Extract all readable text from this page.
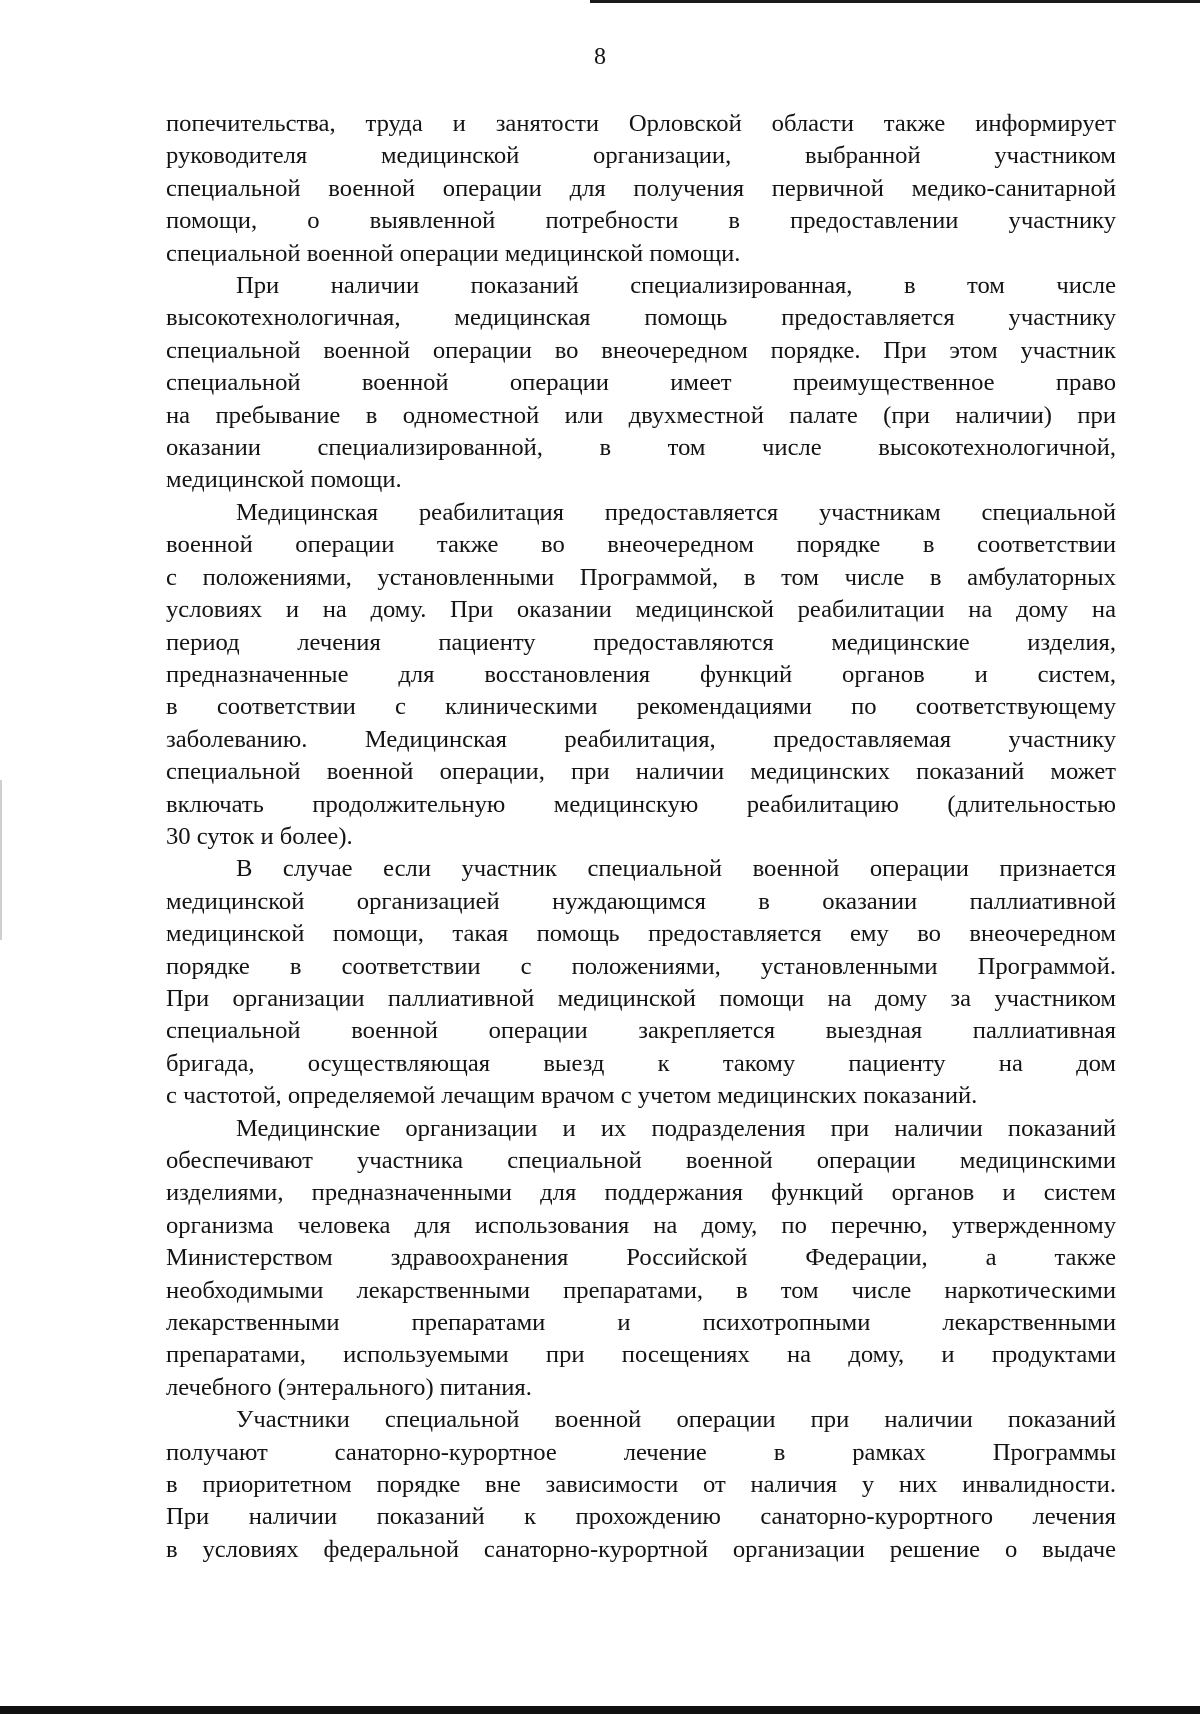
8

попечительства, труда и занятости Орловской области также информирует
руководителя медицинской организации, выбранной участником
специальной военной операции для получения первичной медико-санитарной
помощи, о выявленной потребности в предоставлении участнику
специальной военной операции медицинской помощи.

При наличии показаний специализированная, в том числе
высокотехнологичная, медицинская помощь предоставляется участнику
специальной военной операции во внеочередном порядке. При этом участник
специальной военной операции имеет преимущественное право
на пребывание в одноместной или двухместной палате (при наличии) при
оказании специализированной, в том числе высокотехнологичной,
медицинской помощи.

Медицинская реабилитация предоставляется участникам специальной
военной операции также во внеочередном порядке в соответствии
с положениями, установленными Программой, в том числе в амбулаторных
условиях и на дому. При оказании медицинской реабилитации на дому на
период лечения пациенту предоставляются медицинские изделия,
предназначенные для восстановления функций органов и систем,
в соответствии с клиническими рекомендациями по соответствующему
заболеванию. Медицинская реабилитация, предоставляемая участнику
специальной военной операции, при наличии медицинских показаний может
включать продолжительную медицинскую реабилитацию (длительностью
30 суток и более).

В случае если участник специальной военной операции признается
медицинской организацией нуждающимся в оказании паллиативной
медицинской помощи, такая помощь предоставляется ему во внеочередном
порядке в соответствии с положениями, установленными Программой.
При организации паллиативной медицинской помощи на дому за участником
специальной военной операции закрепляется выездная паллиативная
бригада, осуществляющая выезд к такому пациенту на дом
с частотой, определяемой лечащим врачом с учетом медицинских показаний.

Медицинские организации и их подразделения при наличии показаний
обеспечивают участника специальной военной операции медицинскими
изделиями, предназначенными для поддержания функций органов и систем
организма человека для использования на дому, по перечню, утвержденному
Министерством здравоохранения Российской Федерации, а также
необходимыми лекарственными препаратами, в том числе наркотическими
лекарственными препаратами и психотропными лекарственными
препаратами, используемыми при посещениях на дому, и продуктами
лечебного (энтерального) питания.

Участники специальной военной операции при наличии показаний
получают санаторно-курортное лечение в рамках Программы
в приоритетном порядке вне зависимости от наличия у них инвалидности.
При наличии показаний к прохождению санаторно-курортного лечения
в условиях федеральной санаторно-курортной организации решение о выдаче
